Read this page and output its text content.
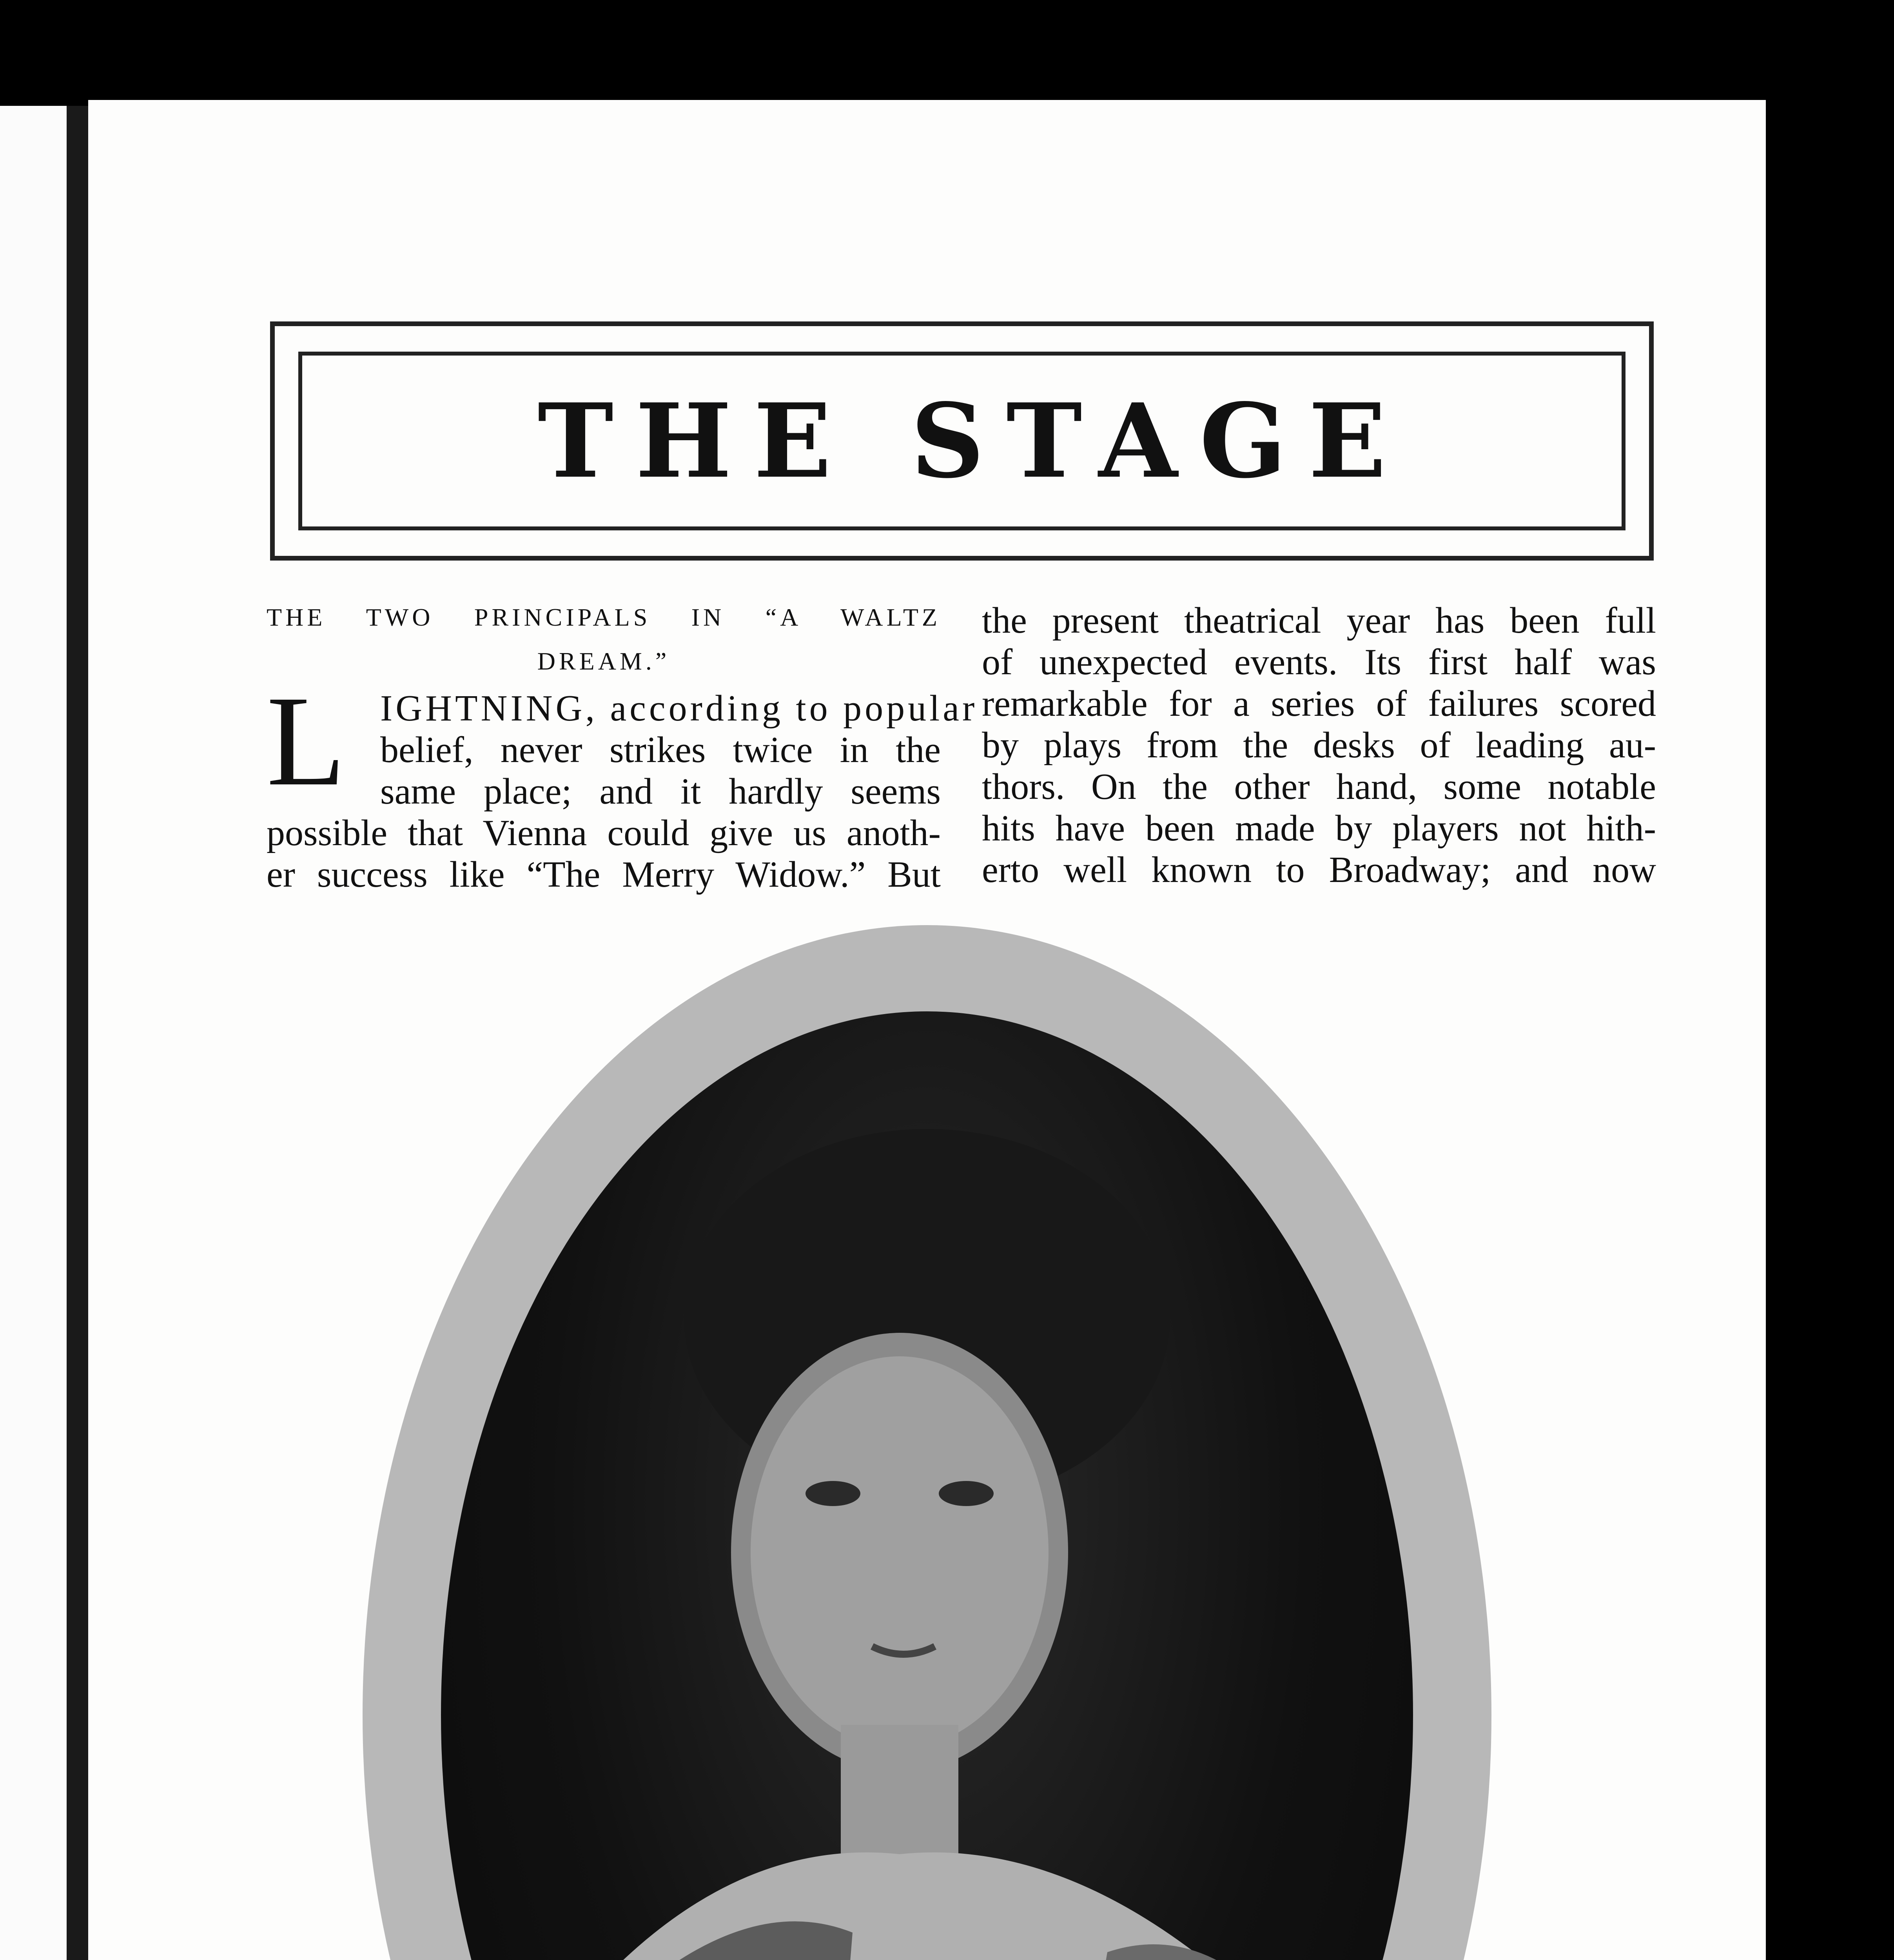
THE STAGE
THE TWO PRINCIPALS IN “A WALTZ
DREAM.”
L IGHTNING, according to popular
belief, never strikes twice in the
same place; and it hardly seems
possible that Vienna could give us anoth-
er success like “The Merry Widow.” But
the present theatrical year has been full
of unexpected events. Its first half was
remarkable for a series of failures scored
by plays from the desks of leading au-
thors. On the other hand, some notable
hits have been made by players not hith-
erto well known to Broadway; and now
